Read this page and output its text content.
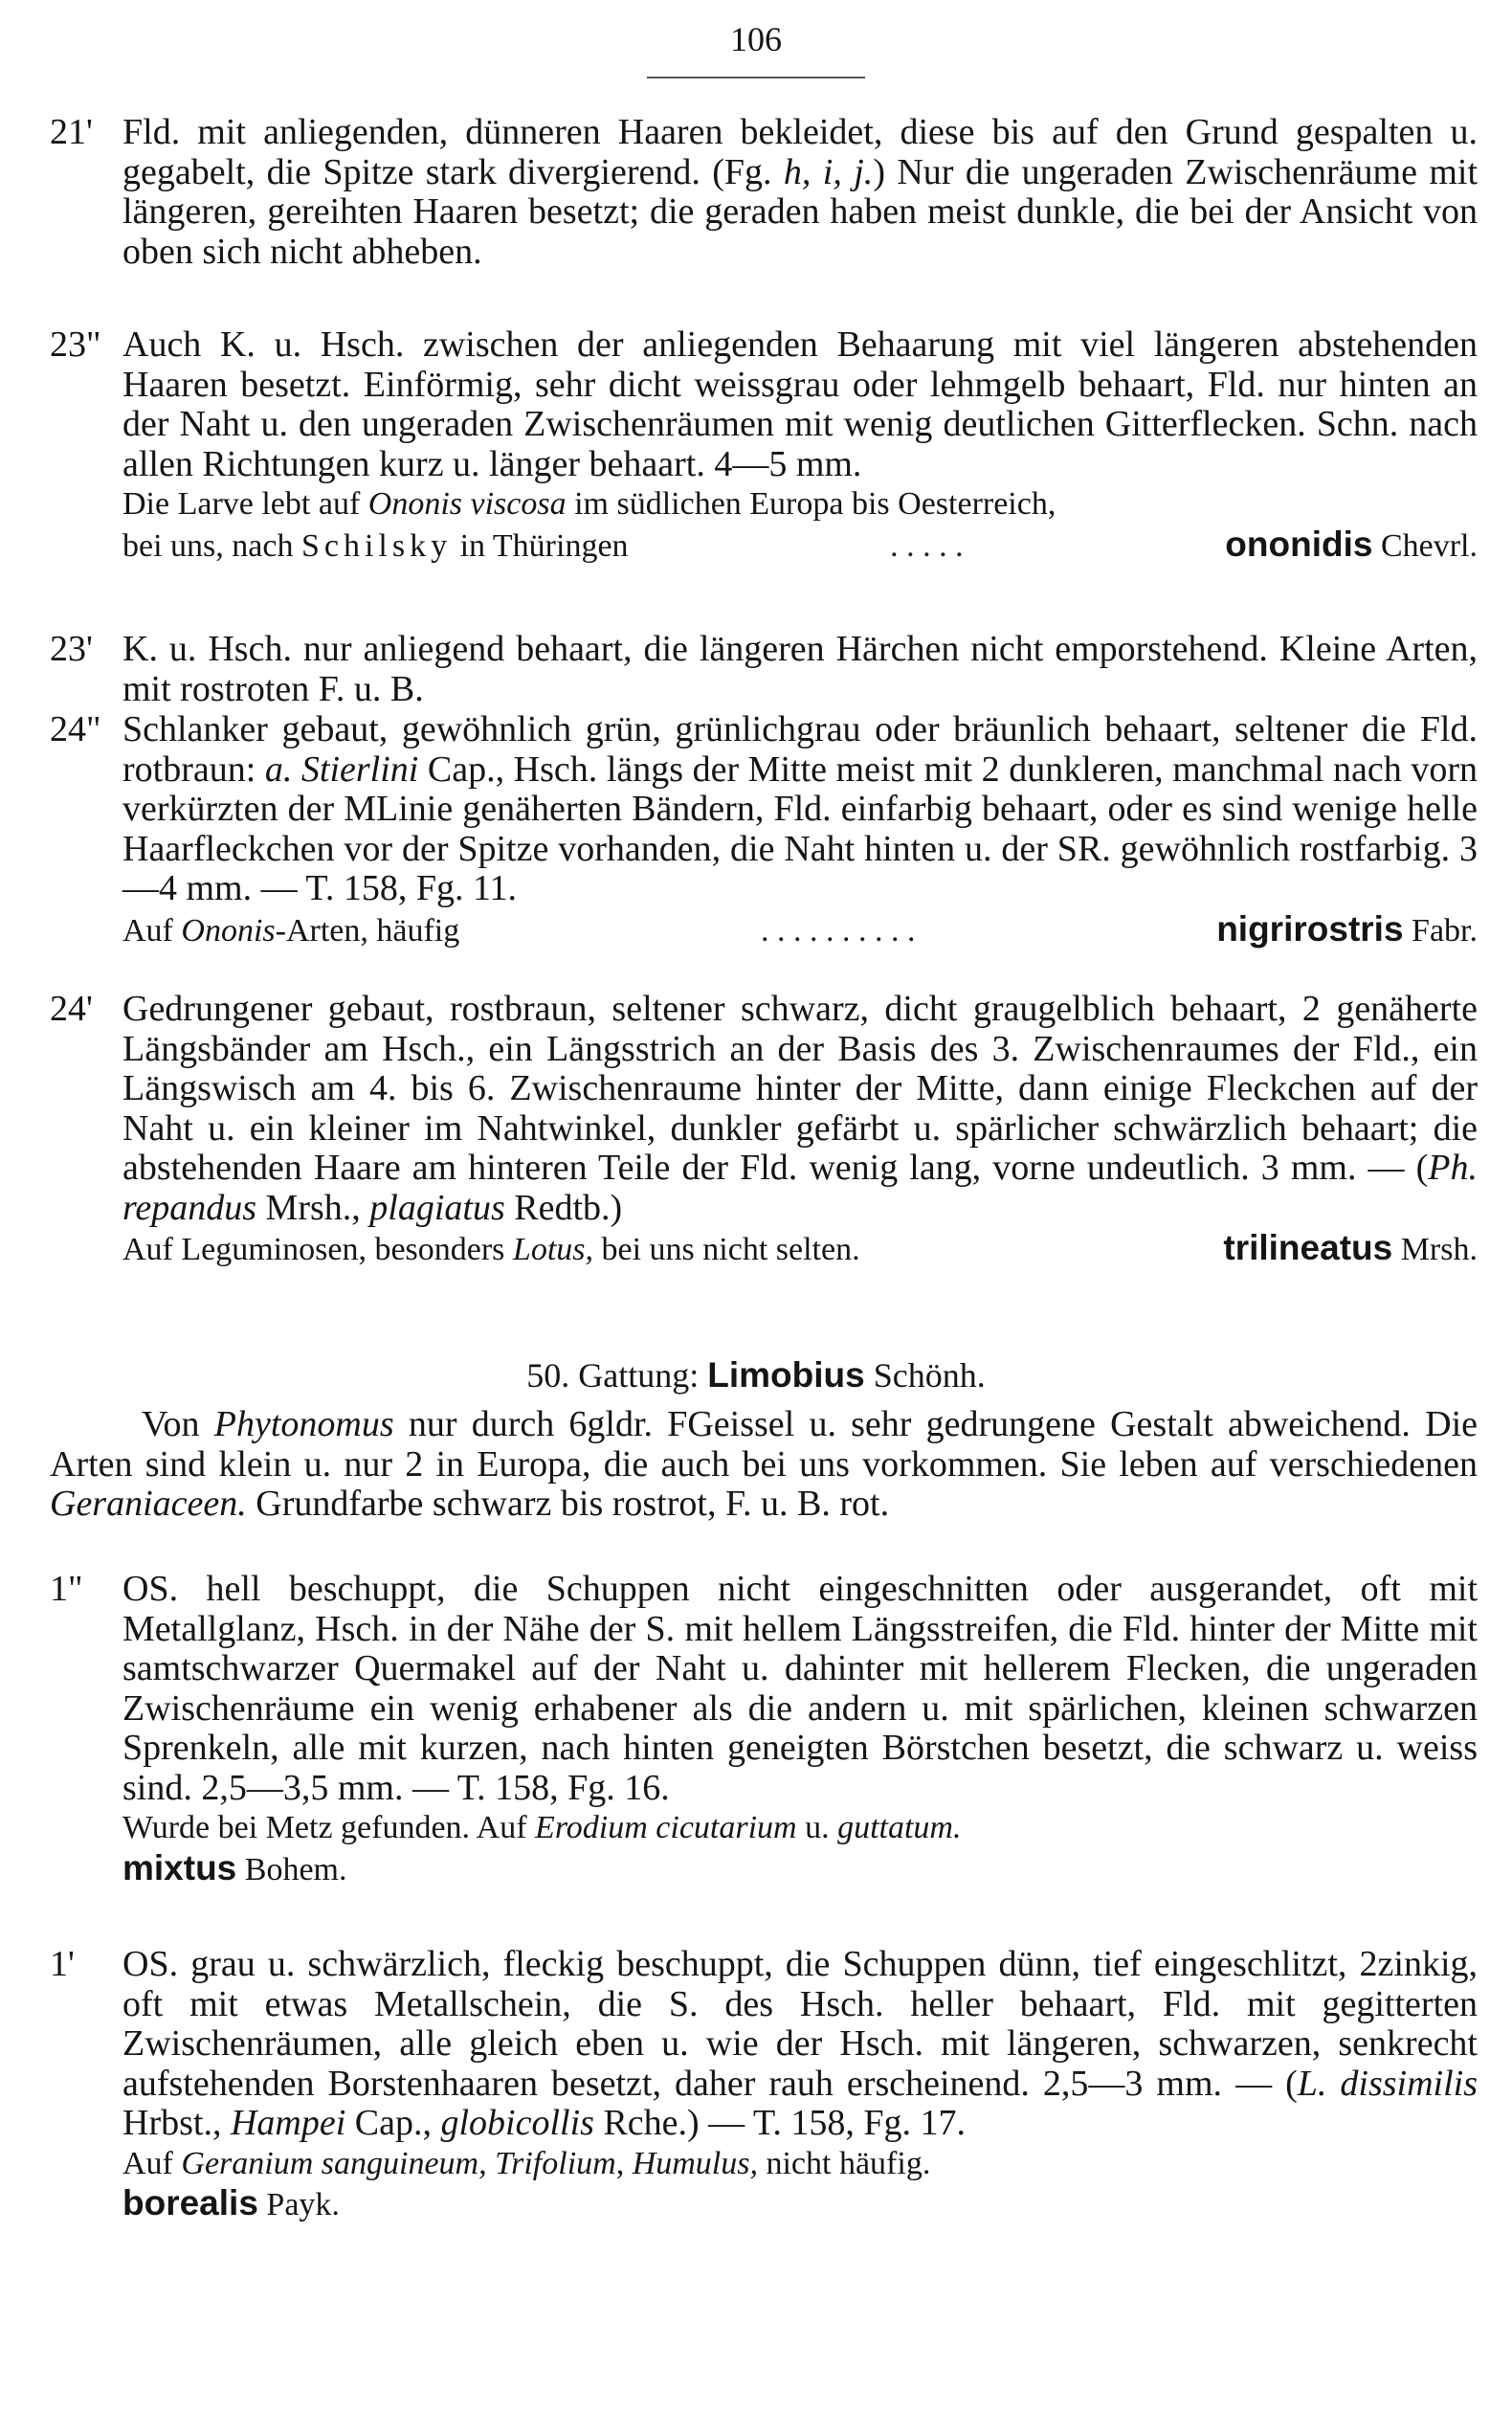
106
21' Fld. mit anliegenden, dünneren Haaren bekleidet, diese bis auf den Grund gespalten u. gegabelt, die Spitze stark divergierend. (Fg. h, i, j.) Nur die ungeraden Zwischenräume mit längeren, gereihten Haaren besetzt; die geraden haben meist dunkle, die bei der Ansicht von oben sich nicht abheben.
23" Auch K. u. Hsch. zwischen der anliegenden Behaarung mit viel längeren abstehenden Haaren besetzt. Einförmig, sehr dicht weissgrau oder lehmgelb behaart, Fld. nur hinten an der Naht u. den ungeraden Zwischenräumen mit wenig deutlichen Gitterflecken. Schn. nach allen Richtungen kurz u. länger behaart. 4—5 mm.
Die Larve lebt auf Ononis viscosa im südlichen Europa bis Oesterreich,
bei uns, nach Schilsky in Thüringen	. . . . .	ononidis Chevrl.
23' K. u. Hsch. nur anliegend behaart, die längeren Härchen nicht emporstehend. Kleine Arten, mit rostroten F. u. B.
24" Schlanker gebaut, gewöhnlich grün, grünlichgrau oder bräunlich behaart, seltener die Fld. rotbraun: a. Stierlini Cap., Hsch. längs der Mitte meist mit 2 dunkleren, manchmal nach vorn verkürzten der MLinie genäherten Bändern, Fld. einfarbig behaart, oder es sind wenige helle Haarfleckchen vor der Spitze vorhanden, die Naht hinten u. der SR. gewöhnlich rostfarbig. 3—4 mm. — T. 158, Fg. 11.
Auf Ononis-Arten, häufig	. . . . . . . . . .	nigrirostris Fabr.
24' Gedrungener gebaut, rostbraun, seltener schwarz, dicht graugelblich behaart, 2 genäherte Längsbänder am Hsch., ein Längsstrich an der Basis des 3. Zwischenraumes der Fld., ein Längswisch am 4. bis 6. Zwischenraume hinter der Mitte, dann einige Fleckchen auf der Naht u. ein kleiner im Nahtwinkel, dunkler gefärbt u. spärlicher schwärzlich behaart; die abstehenden Haare am hinteren Teile der Fld. wenig lang, vorne undeutlich. 3 mm. — (Ph. repandus Mrsh., plagiatus Redtb.)
Auf Leguminosen, besonders Lotus, bei uns nicht selten.	trilineatus Mrsh.
50. Gattung: Limobius Schönh.
Von Phytonomus nur durch 6gldr. FGeissel u. sehr gedrungene Gestalt abweichend. Die Arten sind klein u. nur 2 in Europa, die auch bei uns vorkommen. Sie leben auf verschiedenen Geraniaceen. Grundfarbe schwarz bis rostrot, F. u. B. rot.
1" OS. hell beschuppt, die Schuppen nicht eingeschnitten oder ausgerandet, oft mit Metallglanz, Hsch. in der Nähe der S. mit hellem Längsstreifen, die Fld. hinter der Mitte mit samtschwarzer Quermakel auf der Naht u. dahinter mit hellerem Flecken, die ungeraden Zwischenräume ein wenig erhabener als die andern u. mit spärlichen, kleinen schwarzen Sprenkeln, alle mit kurzen, nach hinten geneigten Börstchen besetzt, die schwarz u. weiss sind. 2,5—3,5 mm. — T. 158, Fg. 16.
Wurde bei Metz gefunden. Auf Erodium cicutarium u. guttatum.
mixtus Bohem.
1' OS. grau u. schwärzlich, fleckig beschuppt, die Schuppen dünn, tief eingeschlitzt, 2zinkig, oft mit etwas Metallschein, die S. des Hsch. heller behaart, Fld. mit gegitterten Zwischenräumen, alle gleich eben u. wie der Hsch. mit längeren, schwarzen, senkrecht aufstehenden Borstenhaaren besetzt, daher rauh erscheinend. 2,5—3 mm. — (L. dissimilis Hrbst., Hampei Cap., globicollis Rche.) — T. 158, Fg. 17.
Auf Geranium sanguineum, Trifolium, Humulus, nicht häufig.
borealis Payk.
